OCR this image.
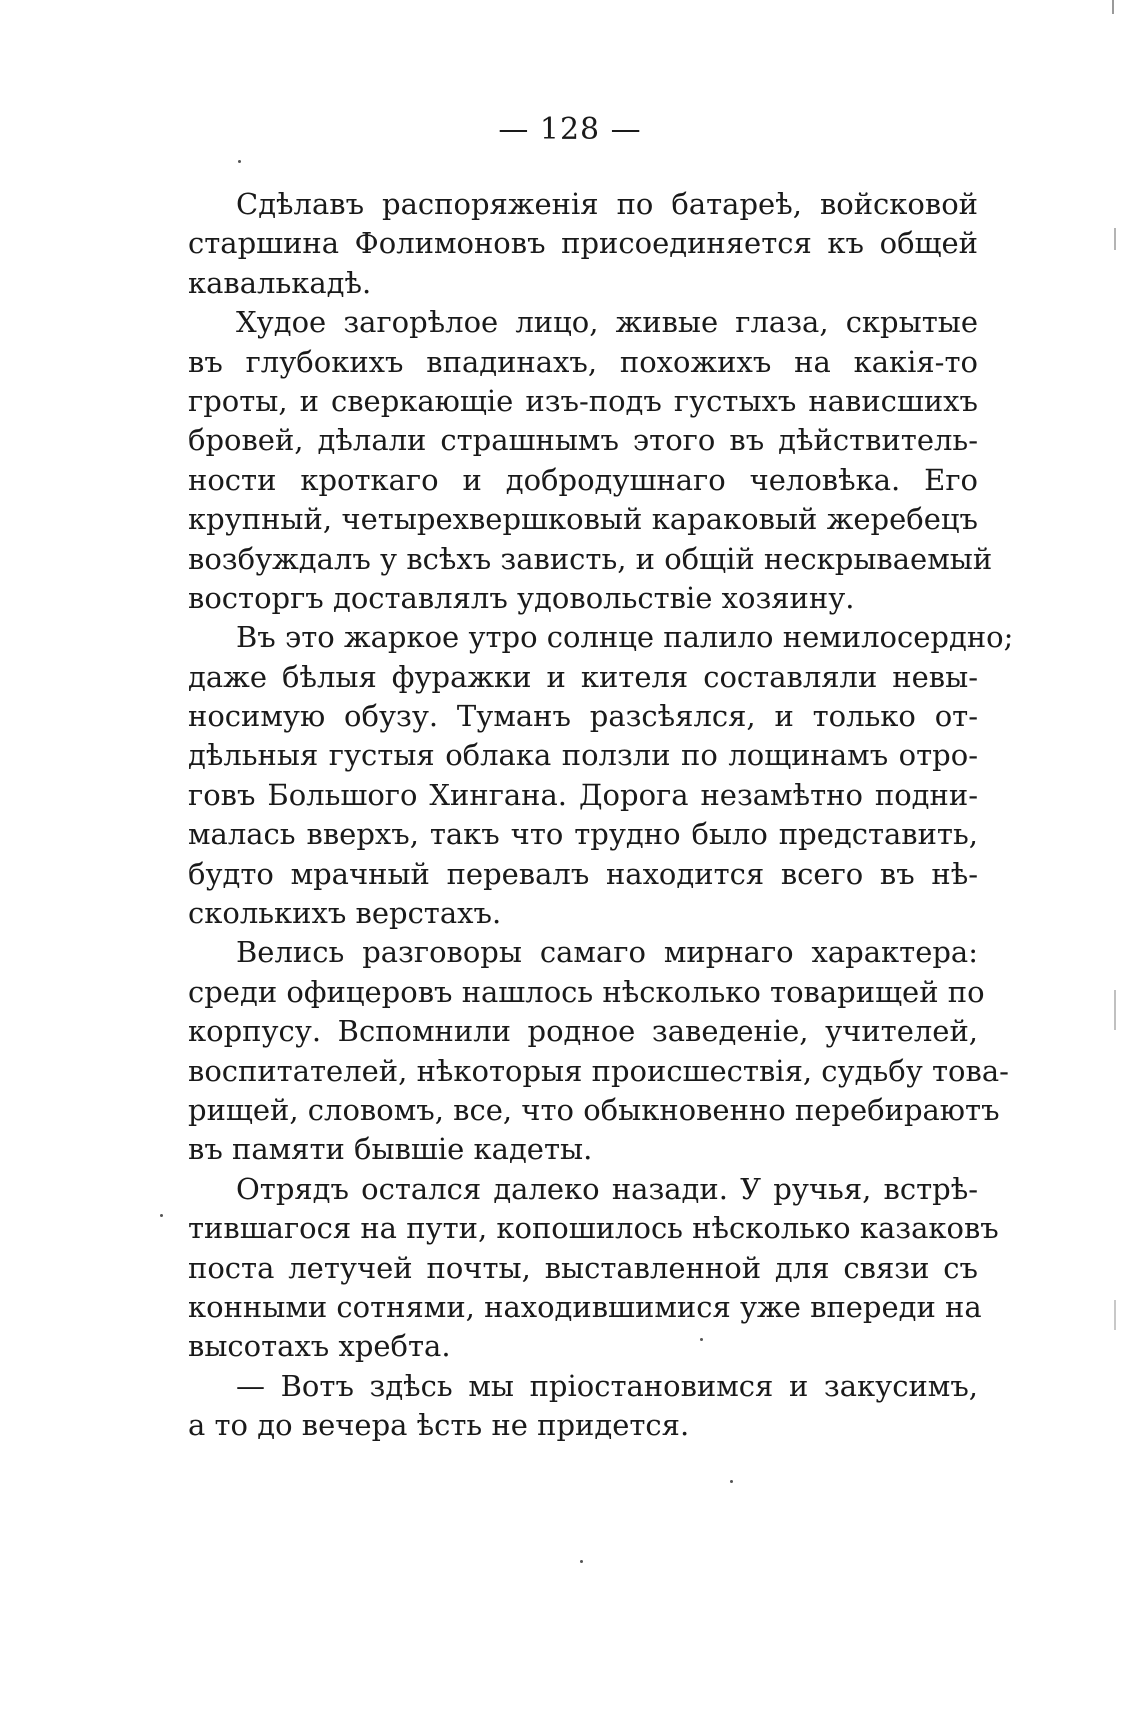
— 128 —

Сдѣлавъ распоряженія по батареѣ, войсковой
старшина Фолимоновъ присоединяется къ общей
кавалькадѣ.

Худое загорѣлое лицо, живые глаза, скрытые
въ глубокихъ впадинахъ, похожихъ на какія-то
гроты, и сверкающіе изъ-подъ густыхъ нависшихъ
бровей, дѣлали страшнымъ этого въ дѣйствитель-
ности кроткаго и добродушнаго человѣка. Его
крупный, четырехвершковый караковый жеребецъ
возбуждалъ у всѣхъ зависть, и общій нескрываемый
восторгъ доставлялъ удовольствіе хозяину.

Въ это жаркое утро солнце палило немилосердно;
даже бѣлыя фуражки и кителя составляли невы-
носимую обузу. Туманъ разсѣялся, и только от-
дѣльныя густыя облака ползли по лощинамъ отро-
говъ Большого Хингана. Дорога незамѣтно подни-
малась вверхъ, такъ что трудно было представить,
будто мрачный перевалъ находится всего въ нѣ-
сколькихъ верстахъ.

Велись разговоры самаго мирнаго характера:
среди офицеровъ нашлось нѣсколько товарищей по
корпусу. Вспомнили родное заведеніе, учителей,
воспитателей, нѣкоторыя происшествія, судьбу това-
рищей, словомъ, все, что обыкновенно перебираютъ
въ памяти бывшіе кадеты.

Отрядъ остался далеко назади. У ручья, встрѣ-
тившагося на пути, копошилось нѣсколько казаковъ
поста летучей почты, выставленной для связи съ
конными сотнями, находившимися уже впереди на
высотахъ хребта.

— Вотъ здѣсь мы пріостановимся и закусимъ,
а то до вечера ѣсть не придется.
